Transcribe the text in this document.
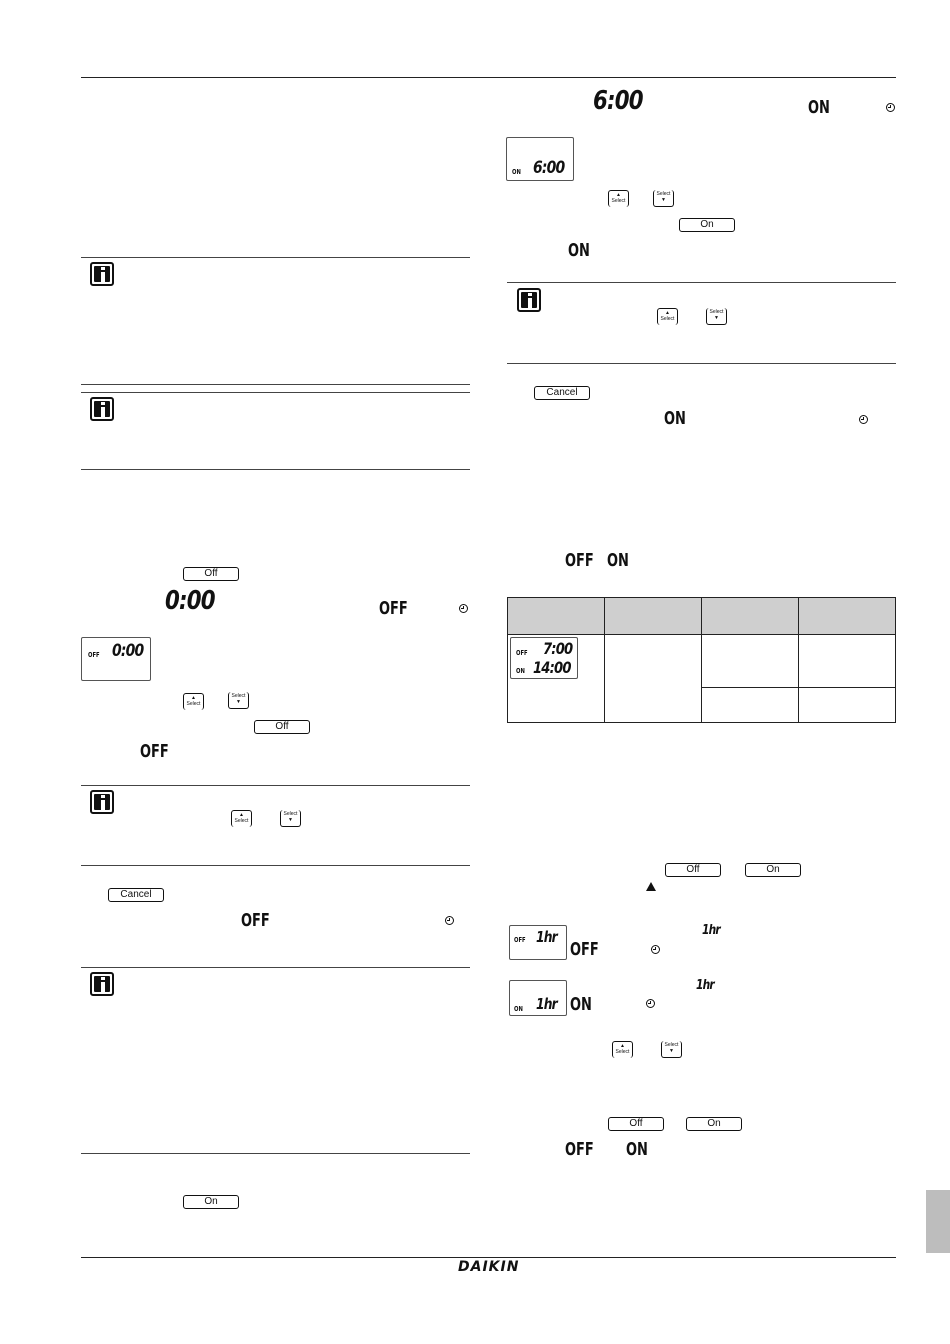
Off
0:00	OFF
OFF 0:00
▲
Select
Select
▼
Off
OFF
▲
Select
Select
▼
Cancel
OFF
On
6:00	ON
ON 6:00
▲
Select
Select
▼
On
ON
▲
Select
Select
▼
Cancel
ON
OFF ON

OFF 7:00
ON 14:00			

Off	On
OFF 1hr	1hr
OFF
ON 1hr
1hr
ON
▲
Select
Select
▼
Off	On
OFF ON
DAIKIN
